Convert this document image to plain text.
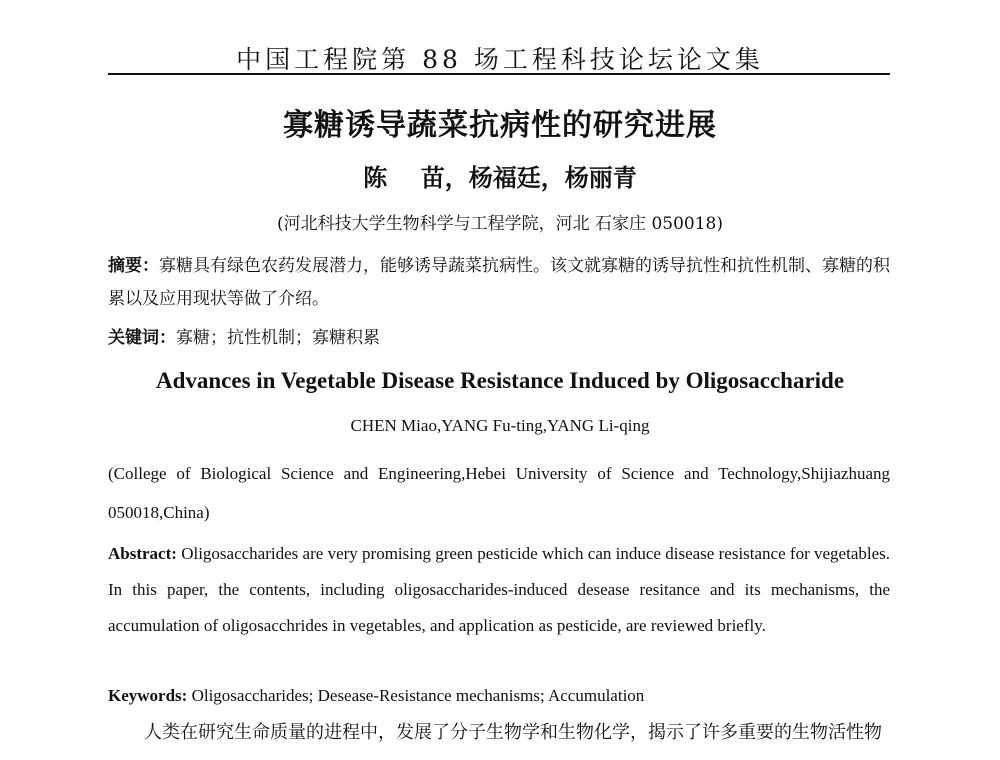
中国工程院第 88 场工程科技论坛论文集
寡糖诱导蔬菜抗病性的研究进展
陈    苗，杨福廷，杨丽青
(河北科技大学生物科学与工程学院，河北 石家庄 050018)
摘要：寡糖具有绿色农药发展潜力，能够诱导蔬菜抗病性。该文就寡糖的诱导抗性和抗性机制、寡糖的积累以及应用现状等做了介绍。
关键词：寡糖；抗性机制；寡糖积累
Advances in Vegetable Disease Resistance Induced by Oligosaccharide
CHEN Miao,YANG Fu-ting,YANG Li-qing
(College of Biological Science and Engineering,Hebei University of Science and Technology,Shijiazhuang 050018,China)
Abstract: Oligosaccharides are very promising green pesticide which can induce disease resistance for vegetables. In this paper, the contents, including oligosaccharides-induced desease resitance and its mechanisms, the accumulation of oligosacchrides in vegetables, and application as pesticide, are reviewed briefly.
Keywords: Oligosaccharides; Desease-Resistance mechanisms; Accumulation
人类在研究生命质量的进程中，发展了分子生物学和生物化学，揭示了许多重要的生物活性物
